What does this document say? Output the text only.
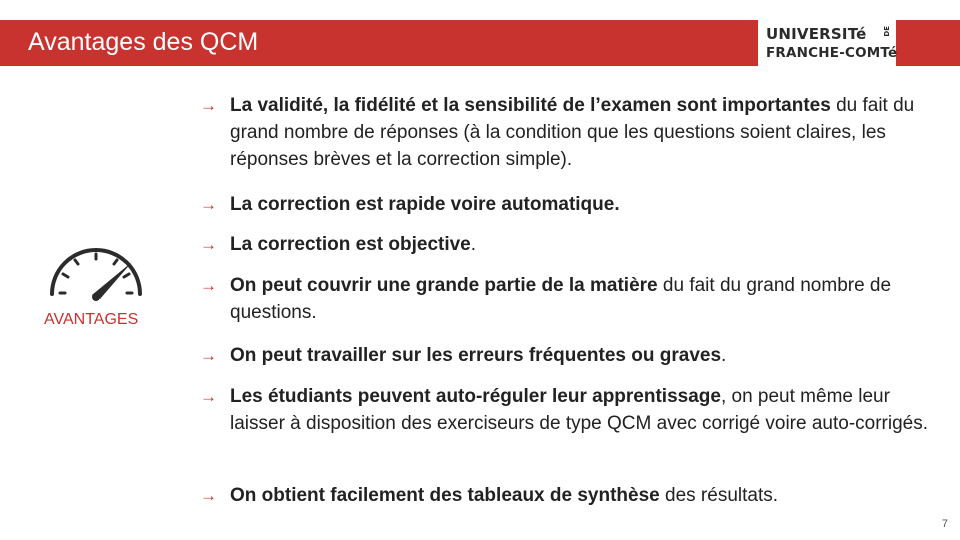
Avantages des QCM	UNIVERSITé
FRANCHE-COMTé
DE
AVANTAGES
→ La validité, la fidélité et la sensibilité de l’examen sont importantes du fait du grand nombre de réponses (à la condition que les questions soient claires, les réponses brèves et la correction simple).
→ La correction est rapide voire automatique.
→ La correction est objective.
→ On peut couvrir une grande partie de la matière du fait du grand nombre de questions.
→ On peut travailler sur les erreurs fréquentes ou graves.
→ Les étudiants peuvent auto-réguler leur apprentissage, on peut même leur laisser à disposition des exerciseurs de type QCM avec corrigé voire auto-corrigés.
→ On obtient facilement des tableaux de synthèse des résultats.
7
